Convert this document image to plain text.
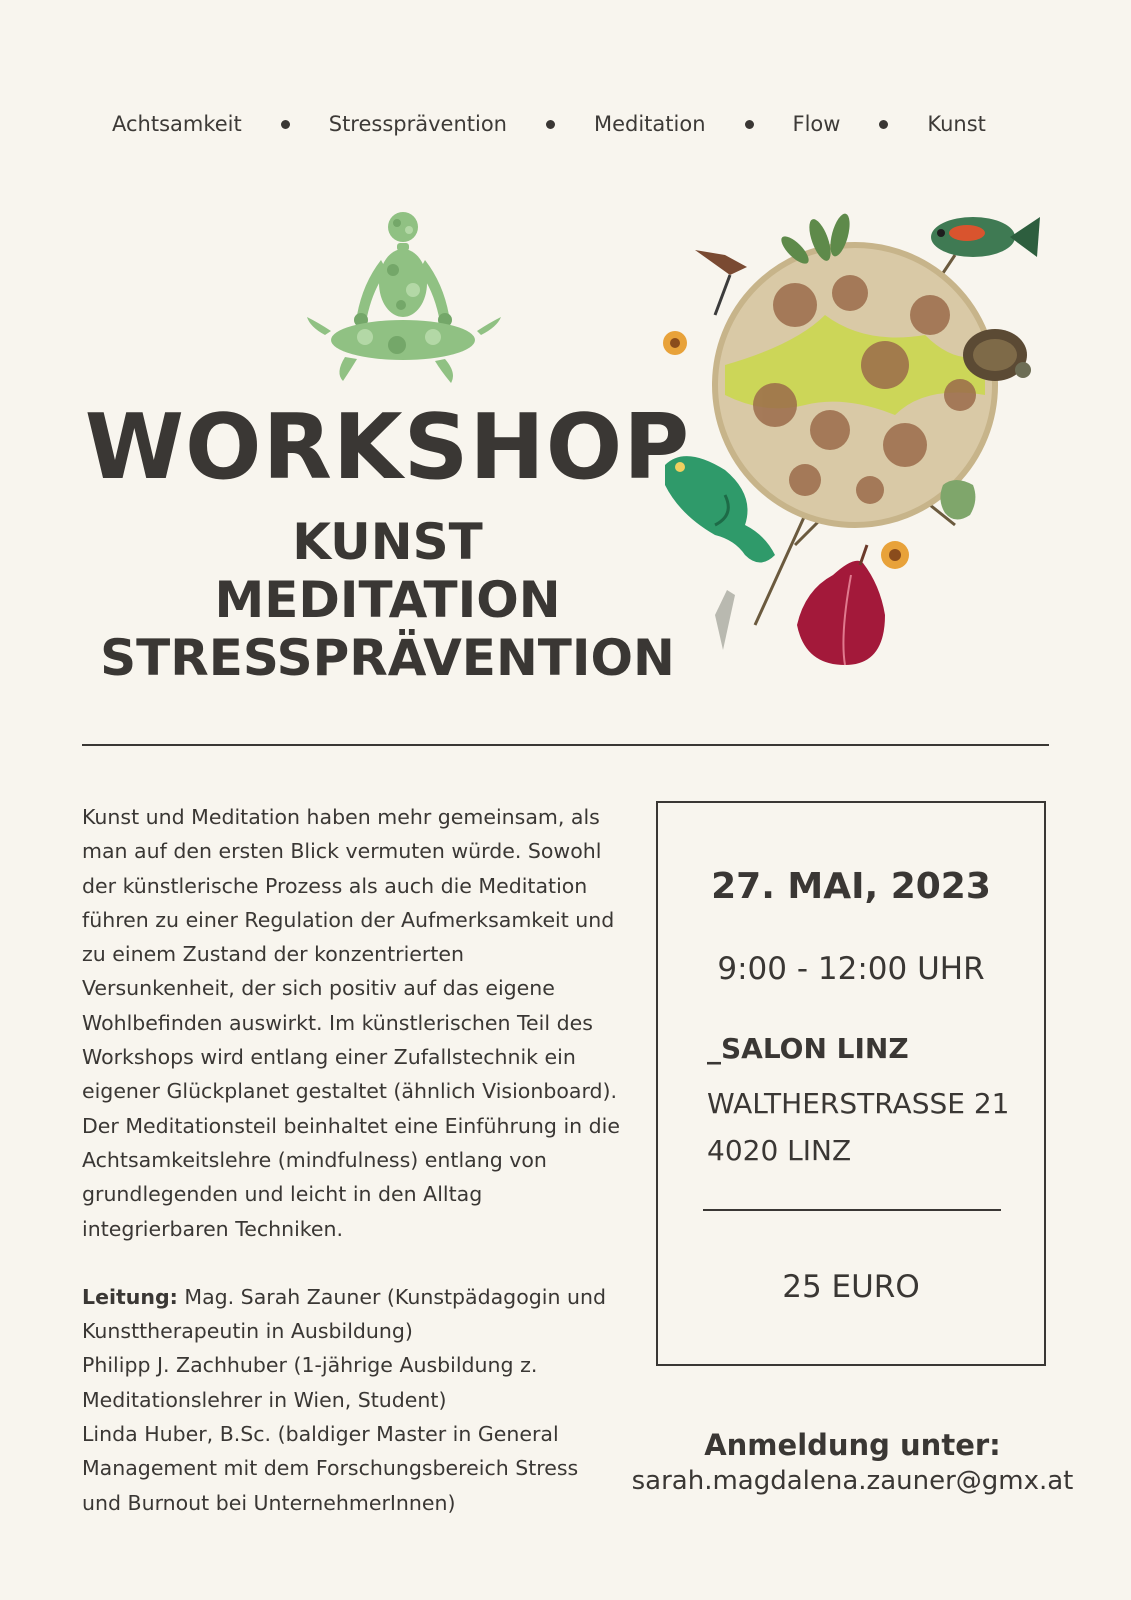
Achtsamkeit	Stressprävention	Meditation	Flow	Kunst
WORKSHOP
KUNST
MEDITATION
STRESSPRÄVENTION

Kunst und Meditation haben mehr gemeinsam, als man auf den ersten Blick vermuten würde. Sowohl der künstlerische Prozess als auch die Meditation führen zu einer Regulation der Aufmerksamkeit und zu einem Zustand der konzentrierten Versunkenheit, der sich positiv auf das eigene Wohlbefinden auswirkt. Im künstlerischen Teil des Workshops wird entlang einer Zufallstechnik ein eigener Glückplanet gestaltet (ähnlich Visionboard). Der Meditationsteil beinhaltet eine Einführung in die Achtsamkeitslehre (mindfulness) entlang von grundlegenden und leicht in den Alltag integrierbaren Techniken.

Leitung: Mag. Sarah Zauner (Kunstpädagogin und Kunsttherapeutin in Ausbildung)

Philipp J. Zachhuber (1-jährige Ausbildung z. Meditationslehrer in Wien, Student)

Linda Huber, B.Sc. (baldiger Master in General Management mit dem Forschungsbereich Stress und Burnout bei UnternehmerInnen)

27. MAI, 2023
9:00 - 12:00 UHR
_SALON LINZ
WALTHERSTRASSE 21
4020 LINZ
25 EURO
Anmeldung unter:
sarah.magdalena.zauner@gmx.at
